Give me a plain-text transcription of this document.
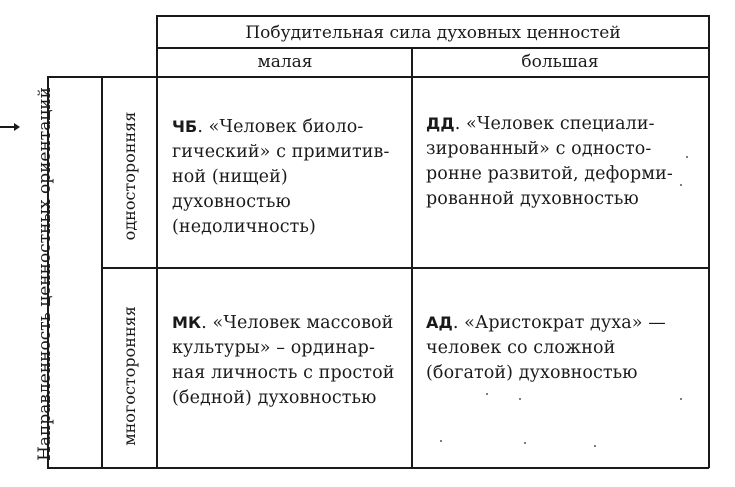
Побудительная сила духовных ценностей
малая	большая
Направленность ценностных ориентаций	односторонняя
многосторонняя
ЧБ. «Человек биоло-
гический» с примитив-
ной (нищей) духовностью
(недоличность)
ДД. «Человек специали-
зированный» с односто-
ронне развитой, деформи-
рованной духовностью
МК. «Человек массовой
культуры» – ординар-
ная личность с простой
(бедной) духовностью
АД. «Аристократ духа» —
человек со сложной
(богатой) духовностью
